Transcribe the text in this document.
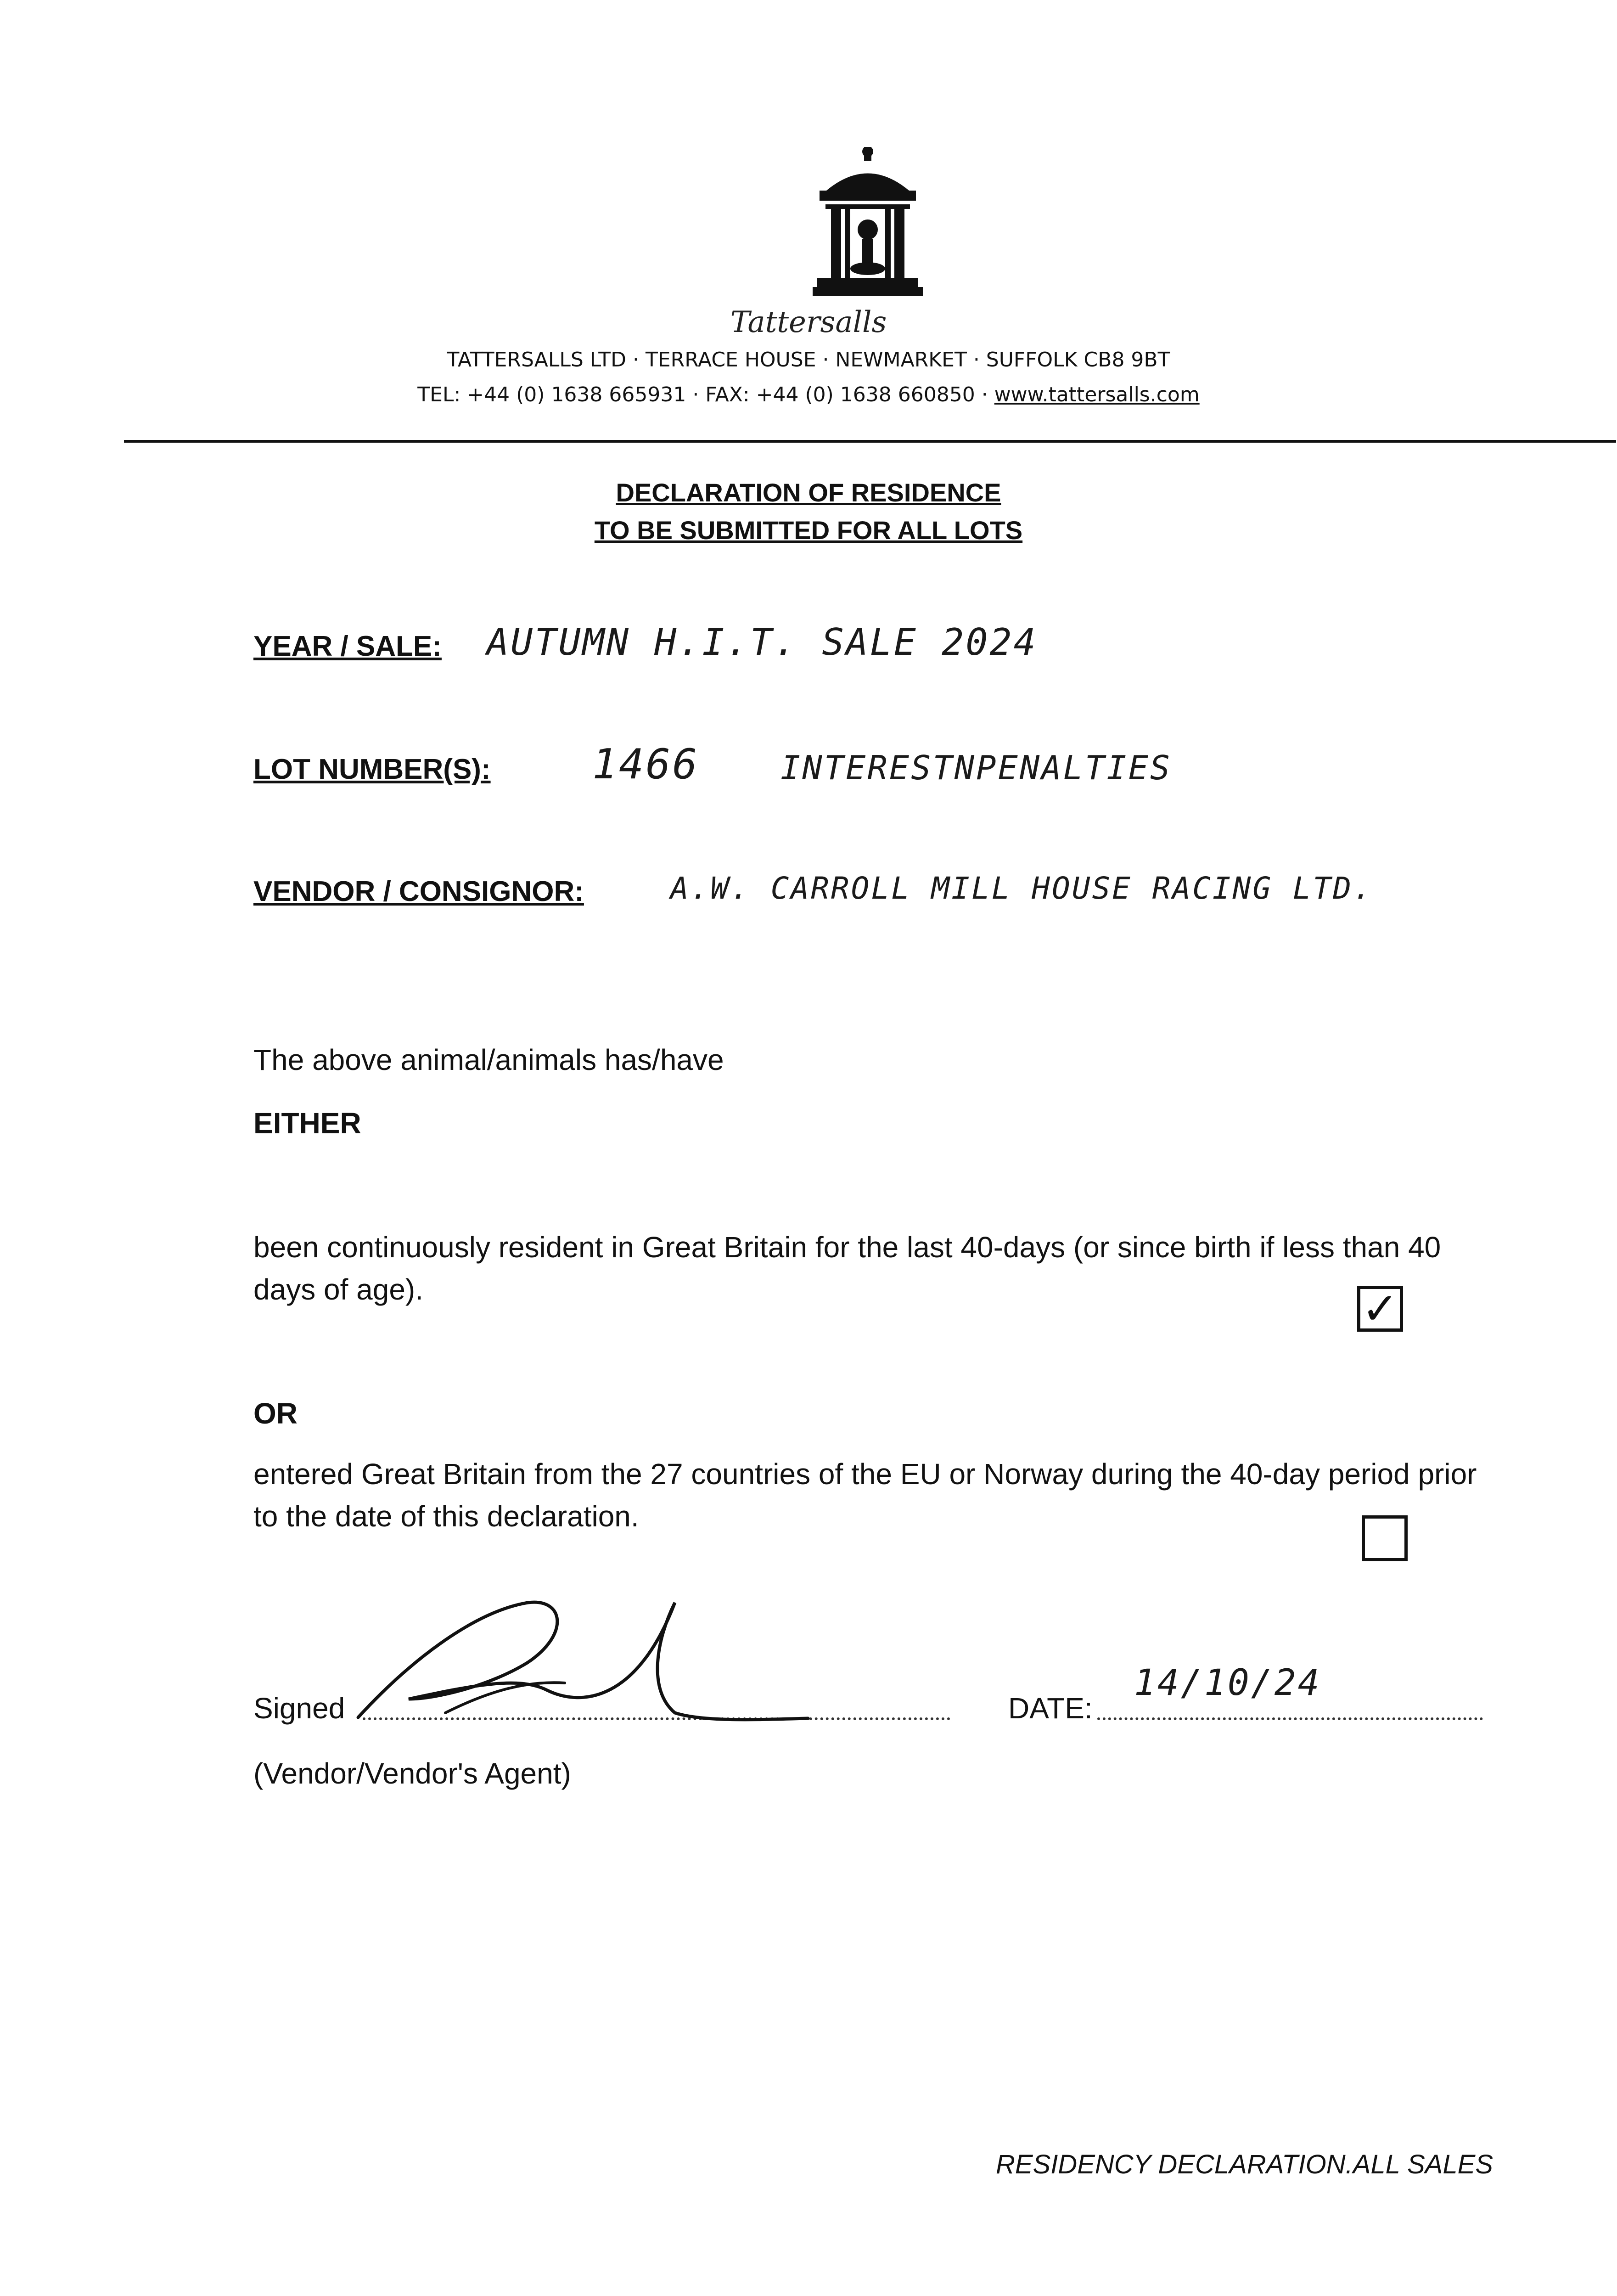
Tattersalls
TATTERSALLS LTD · TERRACE HOUSE · NEWMARKET · SUFFOLK CB8 9BT
TEL: +44 (0) 1638 665931 · FAX: +44 (0) 1638 660850 · www.tattersalls.com
DECLARATION OF RESIDENCE
TO BE SUBMITTED FOR ALL LOTS
YEAR / SALE: AUTUMN H.I.T. SALE 2024
LOT NUMBER(S): 1466 INTERESTNPENALTIES
VENDOR / CONSIGNOR:	A.W. CARROLL MILL HOUSE RACING LTD.
The above animal/animals has/have
EITHER
been continuously resident in Great Britain for the last 40-days (or since birth if less than 40 days of age).	✓
OR
entered Great Britain from the 27 countries of the EU or Norway during the 40-day period prior to the date of this declaration.
Signed	DATE:
14/10/24
(Vendor/Vendor's Agent)
RESIDENCY DECLARATION.ALL SALES
